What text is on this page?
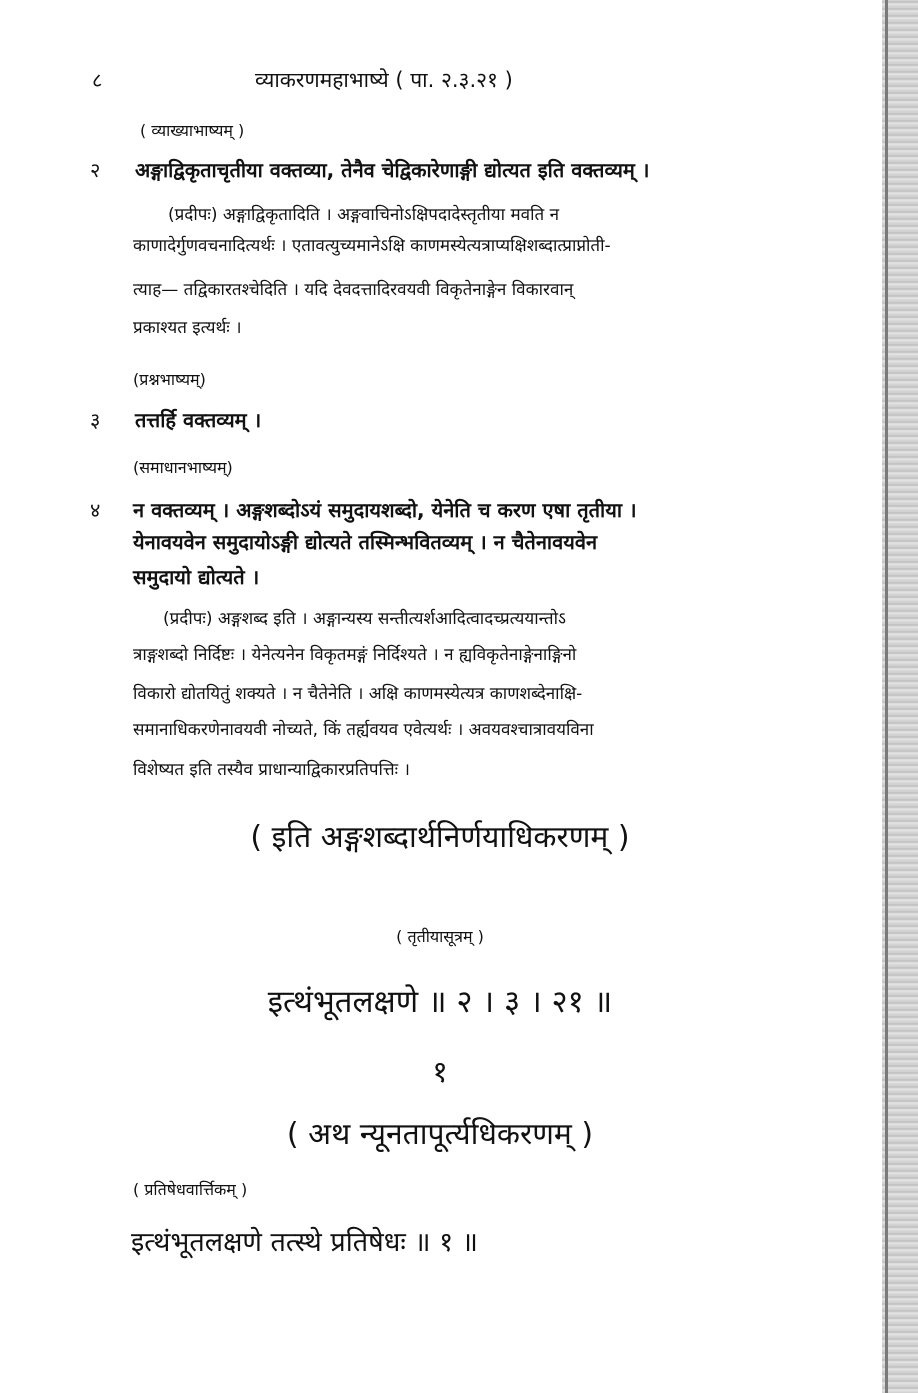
८	व्याकरणमहाभाष्ये ( पा. २.३.२१ )
( व्याख्याभाष्यम् )
२ अङ्गाद्विकृताचृतीया वक्तव्या, तेनैव चेद्विकारेणाङ्गी द्योत्यत इति वक्तव्यम् ।
(प्रदीपः) अङ्गाद्विकृतादिति । अङ्गवाचिनोऽक्षिपदादेस्तृतीया मवति न
काणादेर्गुणवचनादित्यर्थः । एतावत्युच्यमानेऽक्षि काणमस्येत्यत्राप्यक्षिशब्दात्प्राप्नोती-
त्याह— तद्विकारतश्चेदिति । यदि देवदत्तादिरवयवी विकृतेनाङ्गेन विकारवान्
प्रकाश्यत इत्यर्थः ।
(प्रश्नभाष्यम्)
३ तत्तर्हि वक्तव्यम् ।
(समाधानभाष्यम्)
४ न वक्तव्यम् । अङ्गशब्दोऽयं समुदायशब्दो, येनेति च करण एषा तृतीया ।
येनावयवेन समुदायोऽङ्गी द्योत्यते तस्मिन्भवितव्यम् । न चैतेनावयवेन
समुदायो द्योत्यते ।
(प्रदीपः) अङ्गशब्द इति । अङ्गान्यस्य सन्तीत्यर्शआदित्वादच्प्रत्ययान्तोऽ
त्राङ्गशब्दो निर्दिष्टः । येनेत्यनेन विकृतमङ्गं निर्दिश्यते । न ह्यविकृतेनाङ्गेनाङ्गिनो
विकारो द्योतयितुं शक्यते । न चैतेनेति । अक्षि काणमस्येत्यत्र काणशब्देनाक्षि-
समानाधिकरणेनावयवी नोच्यते, किं तर्ह्यवयव एवेत्यर्थः । अवयवश्चात्रावयविना
विशेष्यत इति तस्यैव प्राधान्याद्विकारप्रतिपत्तिः ।
( इति अङ्गशब्दार्थनिर्णयाधिकरणम् )
( तृतीयासूत्रम् )
इत्थंभूतलक्षणे ॥ २ । ३ । २१ ॥
१
( अथ न्यूनतापूर्त्यधिकरणम् )
( प्रतिषेधवार्त्तिकम् )
इत्थंभूतलक्षणे तत्स्थे प्रतिषेधः ॥ १ ॥
